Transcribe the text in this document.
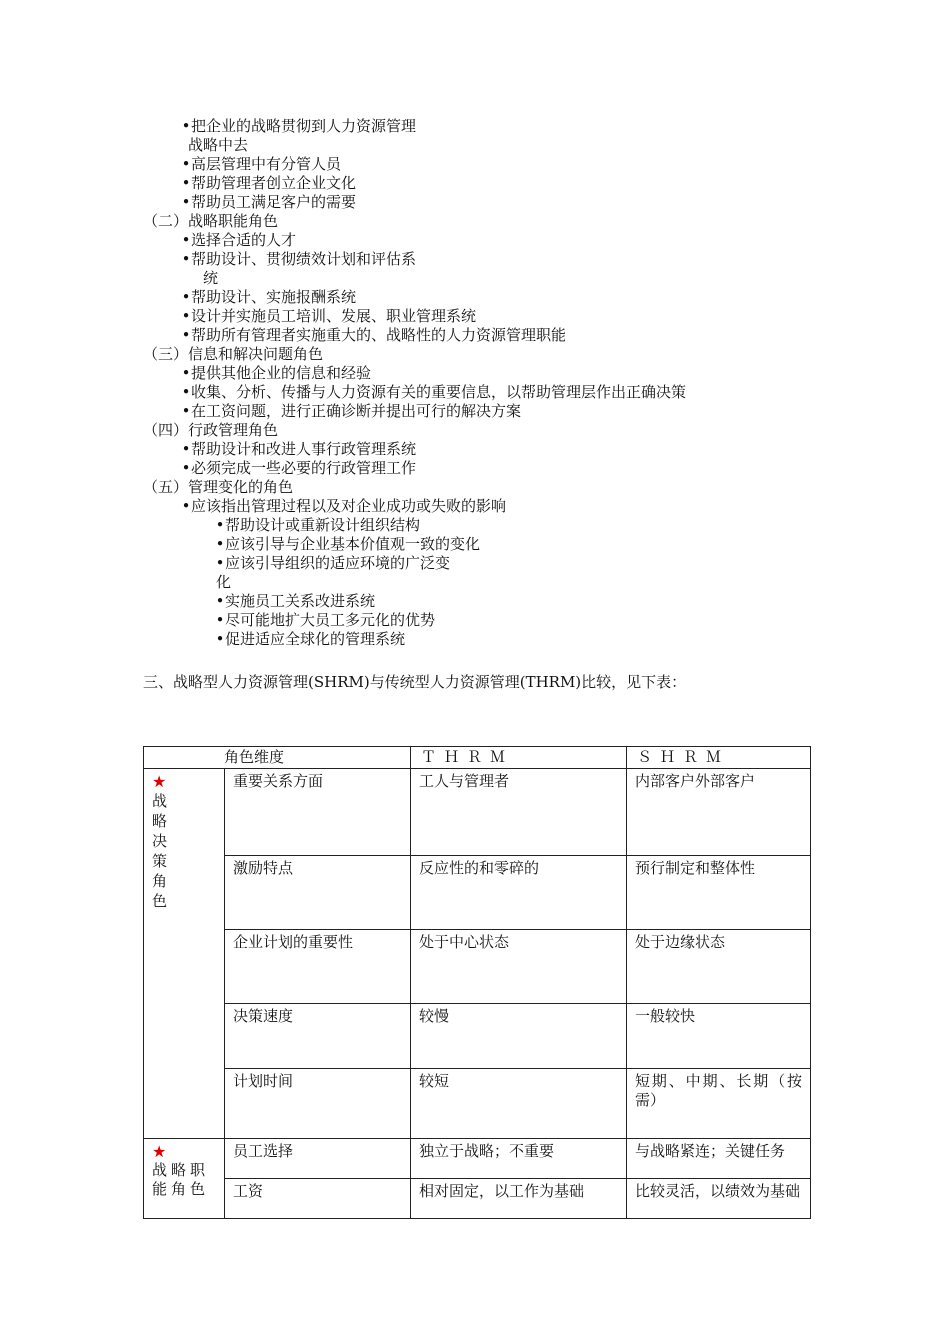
•把企业的战略贯彻到人力资源管理
战略中去
•高层管理中有分管人员
•帮助管理者创立企业文化
•帮助员工满足客户的需要
（二）战略职能角色
•选择合适的人才
•帮助设计、贯彻绩效计划和评估系
统
•帮助设计、实施报酬系统
•设计并实施员工培训、发展、职业管理系统
•帮助所有管理者实施重大的、战略性的人力资源管理职能
（三）信息和解决问题角色
•提供其他企业的信息和经验
•收集、分析、传播与人力资源有关的重要信息，以帮助管理层作出正确决策
•在工资问题，进行正确诊断并提出可行的解决方案
（四）行政管理角色
•帮助设计和改进人事行政管理系统
•必须完成一些必要的行政管理工作
（五）管理变化的角色
•应该指出管理过程以及对企业成功或失败的影响
•帮助设计或重新设计组织结构
•应该引导与企业基本价值观一致的变化
•应该引导组织的适应环境的广泛变
化
•实施员工关系改进系统
•尽可能地扩大员工多元化的优势
•促进适应全球化的管理系统
三、战略型人力资源管理(SHRM)与传统型人力资源管理(THRM)比较，见下表：
角色维度		ＴＨＲＭ	ＳＨＲＭ

★
战略决策角色	重要关系方面	工人与管理者	内部客户外部客户
	激励特点	反应性的和零碎的	预行制定和整体性
	企业计划的重要性	处于中心状态	处于边缘状态
	决策速度	较慢	一般较快
	计划时间	较短	短期、中期、长期（按需）

★
战略职能角色	员工选择	独立于战略；不重要	与战略紧连；关键任务
	工资	相对固定，以工作为基础	比较灵活，以绩效为基础
